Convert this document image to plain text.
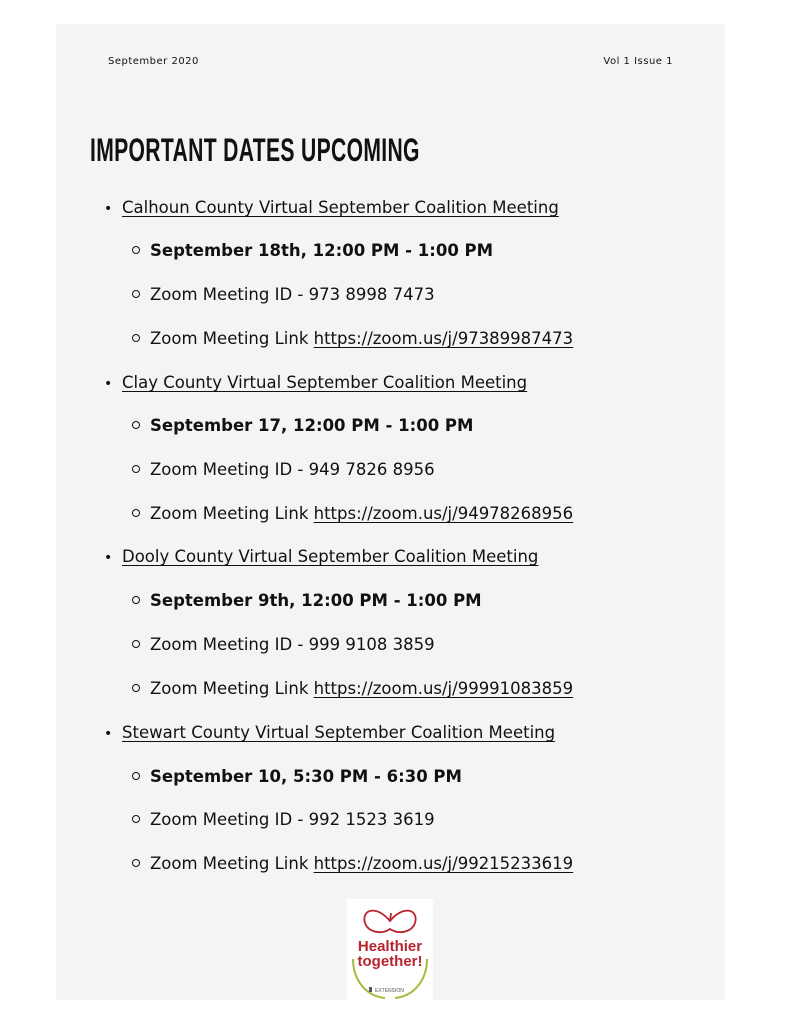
September 2020	Vol 1 Issue 1
IMPORTANT DATES UPCOMING
• Calhoun County Virtual September Coalition Meeting
September 18th, 12:00 PM - 1:00 PM
Zoom Meeting ID - 973 8998 7473
Zoom Meeting Link https://zoom.us/j/97389987473
• Clay County Virtual September Coalition Meeting
September 17, 12:00 PM - 1:00 PM
Zoom Meeting ID - 949 7826 8956
Zoom Meeting Link https://zoom.us/j/94978268956
• Dooly County Virtual September Coalition Meeting
September 9th, 12:00 PM - 1:00 PM
Zoom Meeting ID - 999 9108 3859
Zoom Meeting Link https://zoom.us/j/99991083859
• Stewart County Virtual September Coalition Meeting
September 10, 5:30 PM - 6:30 PM
Zoom Meeting ID - 992 1523 3619
Zoom Meeting Link https://zoom.us/j/99215233619
Healthier
together!
EXTENSION
